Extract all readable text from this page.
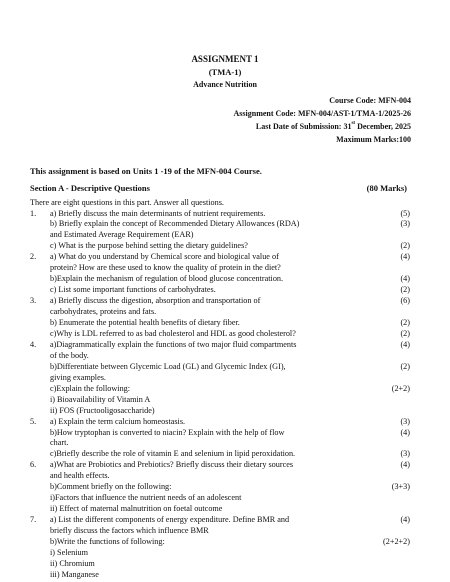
ASSIGNMENT 1
(TMA-1)
Advance Nutrition
Course Code: MFN-004
Assignment Code: MFN-004/AST-1/TMA-1/2025-26
Last Date of Submission: 31st December, 2025
Maximum Marks:100
This assignment is based on Units 1 -19 of the MFN-004 Course.
Section A - Descriptive Questions	(80 Marks)
There are eight questions in this part. Answer all questions.
1. a) Briefly discuss the main determinants of nutrient requirements.	(5)
b) Briefly explain the concept of Recommended Dietary Allowances (RDA)	(3)
and Estimated Average Requirement (EAR)
c) What is the purpose behind setting the dietary guidelines?	(2)
2. a) What do you understand by Chemical score and biological value of	(4)
protein? How are these used to know the quality of protein in the diet?
b)Explain the mechanism of regulation of blood glucose concentration.	(4)
c) List some important functions of carbohydrates.	(2)
3. a) Briefly discuss the digestion, absorption and transportation of	(6)
carbohydrates, proteins and fats.
b) Enumerate the potential health benefits of dietary fiber.	(2)
c)Why is LDL referred to as bad cholesterol and HDL as good cholesterol?	(2)
4. a)Diagrammatically explain the functions of two major fluid compartments	(4)
of the body.
b)Differentiate between Glycemic Load (GL) and Glycemic Index (GI),	(2)
giving examples.
c)Explain the following:	(2+2)
i) Bioavailability of Vitamin A
ii) FOS (Fructooligosaccharide)
5. a) Explain the term calcium homeostasis.	(3)
b)How tryptophan is converted to niacin? Explain with the help of flow	(4)
chart.
c)Briefly describe the role of vitamin E and selenium in lipid peroxidation.	(3)
6. a)What are Probiotics and Prebiotics? Briefly discuss their dietary sources	(4)
and health effects.
b)Comment briefly on the following:	(3+3)
i)Factors that influence the nutrient needs of an adolescent
ii) Effect of maternal malnutrition on foetal outcome
7. a) List the different components of energy expenditure. Define BMR and	(4)
briefly discuss the factors which influence BMR
b)Write the functions of following:	(2+2+2)
i) Selenium
ii) Chromium
iii) Manganese
